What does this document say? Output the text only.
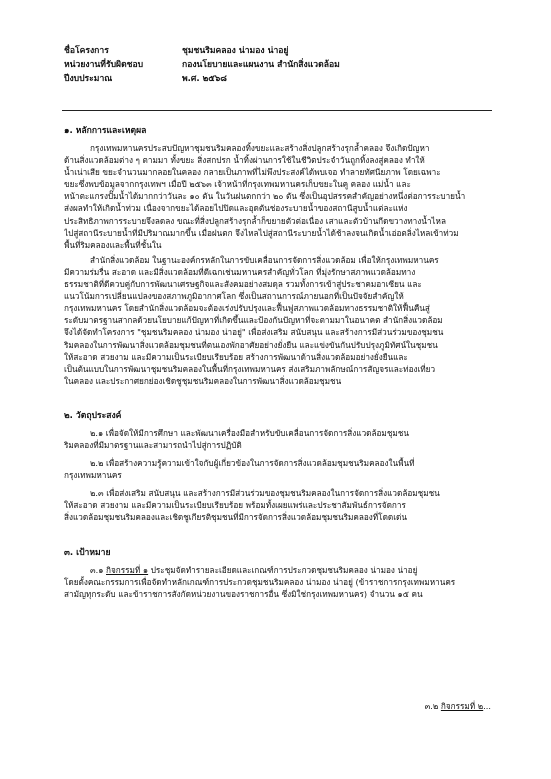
ชื่อโครงการ	ชุมชนริมคลอง น่ามอง น่าอยู่
หน่วยงานที่รับผิดชอบ	กองนโยบายและแผนงาน สำนักสิ่งแวดล้อม
ปีงบประมาณ	พ.ศ. ๒๕๖๘
๑. หลักการและเหตุผล
กรุงเทพมหานครประสบปัญหาชุมชนริมคลองทิ้งขยะและสร้างสิ่งปลูกสร้างรุกล้ำคลอง จึงเกิดปัญหา
ด้านสิ่งแวดล้อมต่าง ๆ ตามมา ทั้งขยะ สิ่งสกปรก น้ำทิ้งผ่านการใช้ในชีวิตประจำวันถูกทิ้งลงสู่คลอง ทำให้
น้ำเน่าเสีย ขยะจำนวนมากลอยในคลอง กลายเป็นภาพที่ไม่พึงประสงค์ได้พบเจอ ทำลายทัศนียภาพ โดยเฉพาะ
ขยะซึ่งพบข้อมูลจากกรุงเทพฯ เมื่อปี ๒๕๖๓ เจ้าหน้าที่กรุงเทพมหานครเก็บขยะในคู คลอง แม่น้ำ และ
หน้าตะแกรงปั๊มน้ำได้มากกว่าวันละ ๑๐ ตัน ในวันฝนตกกว่า ๒๐ ตัน ซึ่งเป็นอุปสรรคสำคัญอย่างหนึ่งต่อการระบายน้ำ
ส่งผลทำให้เกิดน้ำท่วม เนื่องจากขยะได้ลอยไปปิดและอุดตันช่องระบายน้ำของสถานีสูบน้ำแต่ละแห่ง
ประสิทธิภาพการระบายจึงลดลง ขณะที่สิ่งปลูกสร้างรุกล้ำก็ขยายตัวต่อเนื่อง เสาและตัวบ้านกีดขวางทางน้ำไหล
ไปสู่สถานีระบายน้ำที่มีปริมาณมากขึ้น เมื่อฝนตก จึงไหลไปสู่สถานีระบายน้ำได้ช้าลงจนเกิดน้ำเอ่อตลิ่งไหลเข้าท่วม
พื้นที่ริมคลองและพื้นที่ชั้นใน
สำนักสิ่งแวดล้อม ในฐานะองค์กรหลักในการขับเคลื่อนการจัดการสิ่งแวดล้อม เพื่อให้กรุงเทพมหานคร
มีความร่มรื่น สะอาด และมีสิ่งแวดล้อมที่ดีเฉกเช่นมหานครสำคัญทั่วโลก ที่มุ่งรักษาสภาพแวดล้อมทาง
ธรรมชาติที่ดีควบคู่กับการพัฒนาเศรษฐกิจและสังคมอย่างสมดุล รวมทั้งการเข้าสู่ประชาคมอาเซียน และ
แนวโน้มการเปลี่ยนแปลงของสภาพภูมิอากาศโลก ซึ่งเป็นสถานการณ์ภายนอกที่เป็นปัจจัยสำคัญให้
กรุงเทพมหานคร โดยสำนักสิ่งแวดล้อมจะต้องเร่งปรับปรุงและฟื้นฟูสภาพแวดล้อมทางธรรมชาติให้ฟื้นคืนสู่
ระดับมาตรฐานสากลด้วยนโยบายแก้ปัญหาที่เกิดขึ้นและป้องกันปัญหาที่จะตามมาในอนาคต สำนักสิ่งแวดล้อม
จึงได้จัดทำโครงการ "ชุมชนริมคลอง น่ามอง น่าอยู่" เพื่อส่งเสริม สนับสนุน และสร้างการมีส่วนร่วมของชุมชน
ริมคลองในการพัฒนาสิ่งแวดล้อมชุมชนที่ตนเองพักอาศัยอย่างยั่งยืน และแข่งขันกันปรับปรุงภูมิทัศน์ในชุมชน
ให้สะอาด สวยงาม และมีความเป็นระเบียบเรียบร้อย สร้างการพัฒนาด้านสิ่งแวดล้อมอย่างยั่งยืนและ
เป็นต้นแบบในการพัฒนาชุมชนริมคลองในพื้นที่กรุงเทพมหานคร ส่งเสริมภาพลักษณ์การสัญจรและท่องเที่ยว
ในคลอง และประกาศยกย่องเชิดชูชุมชนริมคลองในการพัฒนาสิ่งแวดล้อมชุมชน
๒. วัตถุประสงค์
๒.๑ เพื่อจัดให้มีการศึกษา และพัฒนาเครื่องมือสำหรับขับเคลื่อนการจัดการสิ่งแวดล้อมชุมชน
ริมคลองที่มีมาตรฐานและสามารถนำไปสู่การปฏิบัติ
๒.๒ เพื่อสร้างความรู้ความเข้าใจกับผู้เกี่ยวข้องในการจัดการสิ่งแวดล้อมชุมชนริมคลองในพื้นที่
กรุงเทพมหานคร
๒.๓ เพื่อส่งเสริม สนับสนุน และสร้างการมีส่วนร่วมของชุมชนริมคลองในการจัดการสิ่งแวดล้อมชุมชน
ให้สะอาด สวยงาม และมีความเป็นระเบียบเรียบร้อย พร้อมทั้งเผยแพร่และประชาสัมพันธ์การจัดการ
สิ่งแวดล้อมชุมชนริมคลองและเชิดชูเกียรติชุมชนที่มีการจัดการสิ่งแวดล้อมชุมชนริมคลองที่โดดเด่น
๓. เป้าหมาย
๓.๑ กิจกรรมที่ ๑ ประชุมจัดทำรายละเอียดและเกณฑ์การประกวดชุมชนริมคลอง น่ามอง น่าอยู่
โดยตั้งคณะกรรมการเพื่อจัดทำหลักเกณฑ์การประกวดชุมชนริมคลอง น่ามอง น่าอยู่ (ข้าราชการกรุงเทพมหานคร
สามัญทุกระดับ และข้าราชการสังกัดหน่วยงานของราชการอื่น ซึ่งมิใช่กรุงเทพมหานคร) จำนวน ๑๕ คน
๓.๒ กิจกรรมที่ ๒...
